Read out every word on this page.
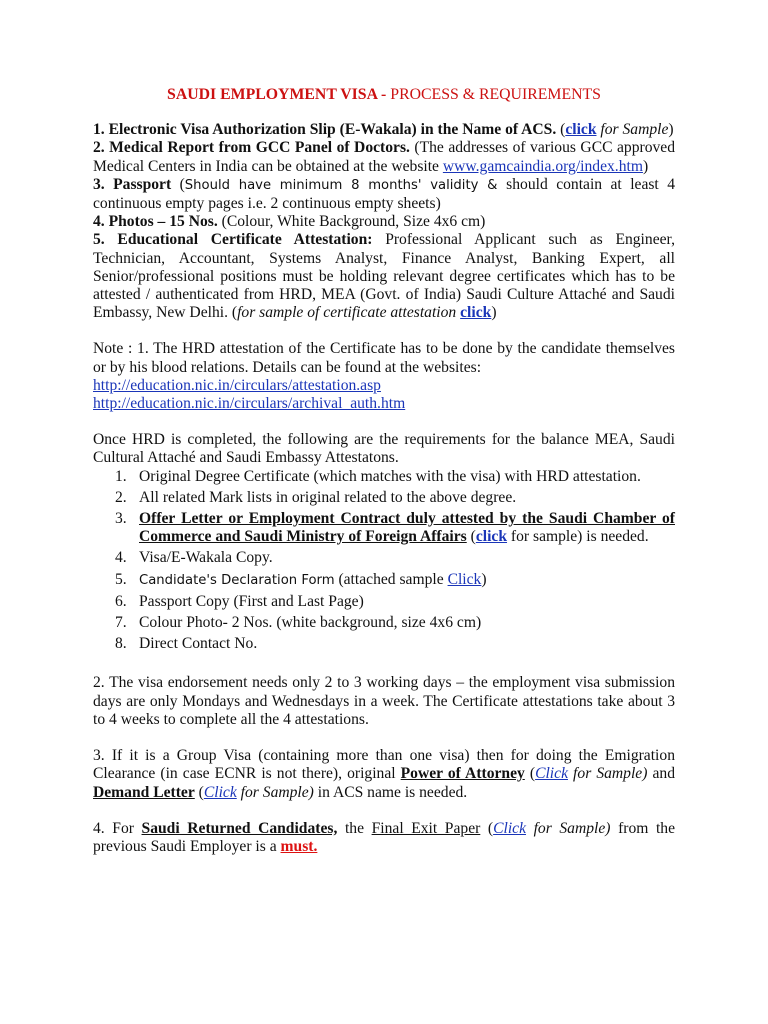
SAUDI EMPLOYMENT VISA - PROCESS & REQUIREMENTS

1. Electronic Visa Authorization Slip (E-Wakala) in the Name of ACS. (click for Sample)

2. Medical Report from GCC Panel of Doctors. (The addresses of various GCC approved Medical Centers in India can be obtained at the website www.gamcaindia.org/index.htm)

3. Passport (Should have minimum 8 months' validity & should contain at least 4 continuous empty pages i.e. 2 continuous empty sheets)

4. Photos – 15 Nos. (Colour, White Background, Size 4x6 cm)

5. Educational Certificate Attestation: Professional Applicant such as Engineer, Technician, Accountant, Systems Analyst, Finance Analyst, Banking Expert, all Senior/professional positions must be holding relevant degree certificates which has to be attested / authenticated from HRD, MEA (Govt. of India) Saudi Culture Attaché and Saudi Embassy, New Delhi. (for sample of certificate attestation click)

Note : 1. The HRD attestation of the Certificate has to be done by the candidate themselves or by his blood relations. Details can be found at the websites:
http://education.nic.in/circulars/attestation.asp
http://education.nic.in/circulars/archival_auth.htm

Once HRD is completed, the following are the requirements for the balance MEA, Saudi Cultural Attaché and Saudi Embassy Attestatons.

1. Original Degree Certificate (which matches with the visa) with HRD attestation.
2. All related Mark lists in original related to the above degree.
3. Offer Letter or Employment Contract duly attested by the Saudi Chamber of Commerce and Saudi Ministry of Foreign Affairs (click for sample) is needed.
4. Visa/E-Wakala Copy.
5. Candidate's Declaration Form (attached sample Click)
6. Passport Copy (First and Last Page)
7. Colour Photo- 2 Nos. (white background, size 4x6 cm)
8. Direct Contact No.

2. The visa endorsement needs only 2 to 3 working days – the employment visa submission days are only Mondays and Wednesdays in a week. The Certificate attestations take about 3 to 4 weeks to complete all the 4 attestations.

3. If it is a Group Visa (containing more than one visa) then for doing the Emigration Clearance (in case ECNR is not there), original Power of Attorney (Click for Sample) and Demand Letter (Click for Sample) in ACS name is needed.

4. For Saudi Returned Candidates, the Final Exit Paper (Click for Sample) from the previous Saudi Employer is a must.
